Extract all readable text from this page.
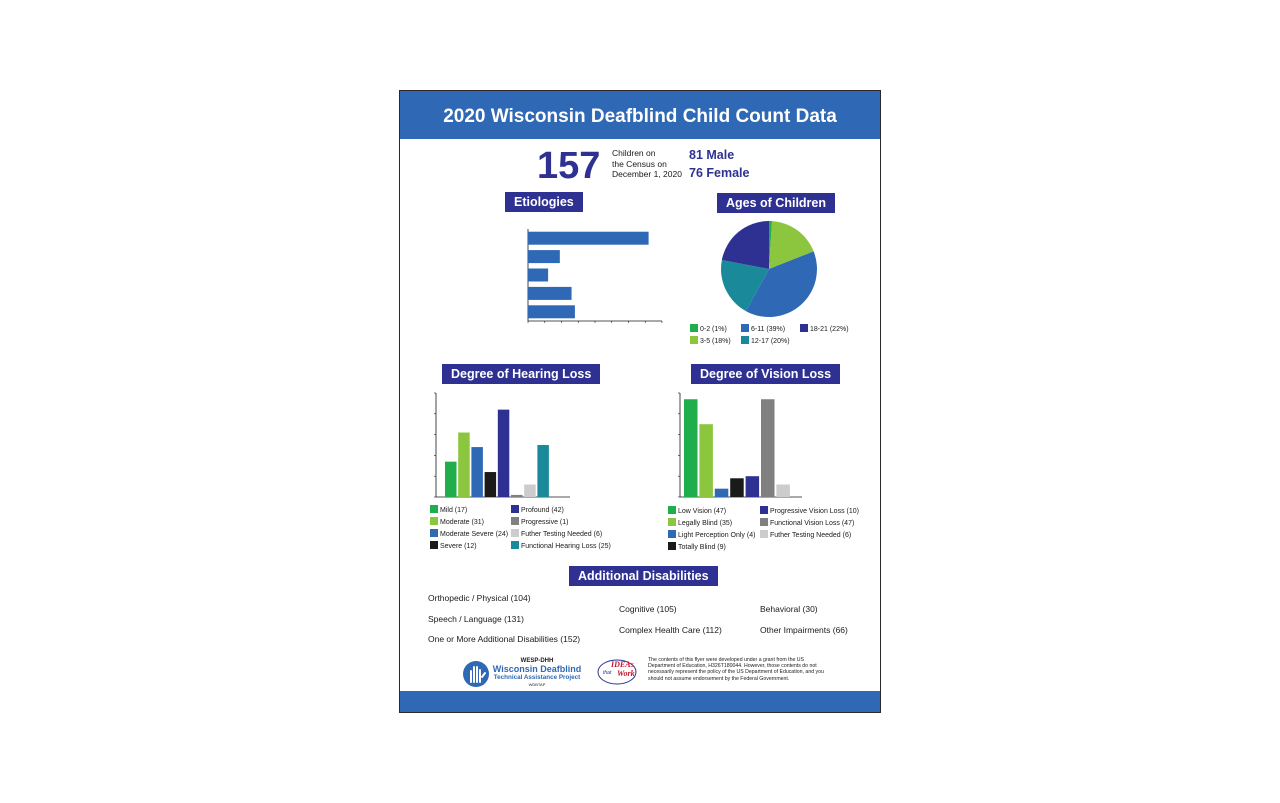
2020 Wisconsin Deafblind Child Count Data
157 Children on
the Census on
December 1, 2020
81 Male
76 Female
Etiologies	Ages of Children
Degree of Hearing Loss	Degree of Vision Loss
Additional Disabilities
0-2 (1%)
3-5 (18%)
6-11 (39%)
12-17 (20%)
18-21 (22%)
Mild (17)
Moderate (31)
Moderate Severe (24)
Severe (12)
Profound (42)
Progressive (1)
Futher Testing Needed (6)
Functional Hearing Loss (25)
Low Vision (47)
Legally Blind (35)
Light Perception Only (4)
Totally Blind (9)
Progressive Vision Loss (10)
Functional Vision Loss (47)
Futher Testing Needed (6)
Orthopedic / Physical (104)
Speech / Language (131)
One or More Additional Disabilities (152)
Cognitive (105)
Complex Health Care (112)
Behavioral (30)
Other Impairments (66)
WESP-DHH
Wisconsin Deafblind
Technical Assistance Project
WDBTAP
IDEAs
that Work
The contents of this flyer were developed under a grant from the US Department of Education, H326T180044. However, those contents do not necessarily represent the policy of the US Department of Education, and you should not assume endorsement by the Federal Government.
